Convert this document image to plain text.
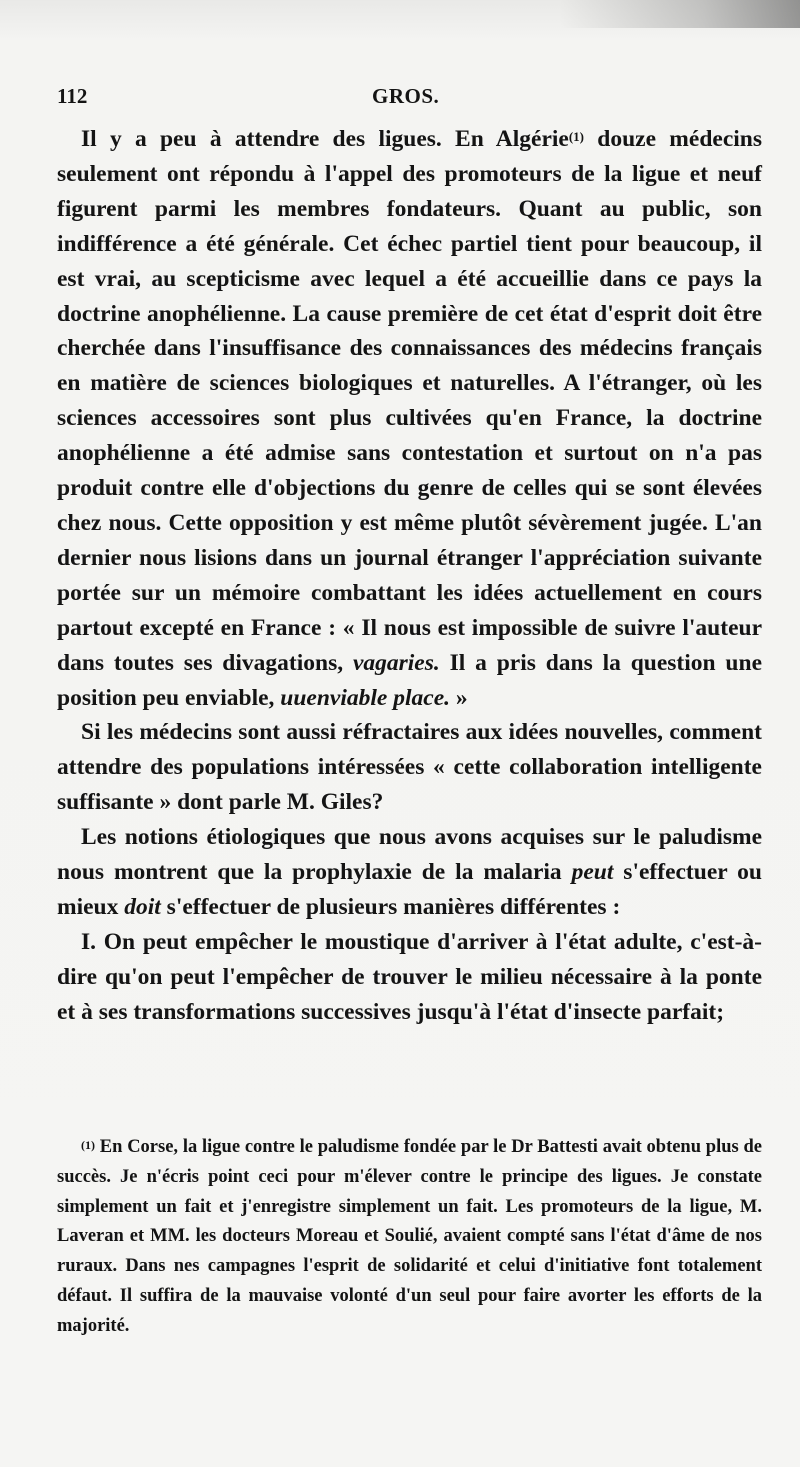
112	GROS.

Il y a peu à attendre des ligues. En Algérie$^{(1)}$ douze médecins seulement ont répondu à l'appel des promoteurs de la ligue et neuf figurent parmi les membres fondateurs. Quant au public, son indifférence a été générale. Cet échec partiel tient pour beaucoup, il est vrai, au scepticisme avec lequel a été accueillie dans ce pays la doctrine anophélienne. La cause première de cet état d'esprit doit être cherchée dans l'insuffisance des connaissances des médecins français en matière de sciences biologiques et naturelles. A l'étranger, où les sciences accessoires sont plus cultivées qu'en France, la doctrine anophélienne a été admise sans contestation et surtout on n'a pas produit contre elle d'objections du genre de celles qui se sont élevées chez nous. Cette opposition y est même plutôt sévèrement jugée. L'an dernier nous lisions dans un journal étranger l'appréciation suivante portée sur un mémoire combattant les idées actuellement en cours partout excepté en France : « Il nous est impossible de suivre l'auteur dans toutes ses divagations, vagaries. Il a pris dans la question une position peu enviable, uuenviable place. »

Si les médecins sont aussi réfractaires aux idées nouvelles, comment attendre des populations intéressées « cette collaboration intelligente suffisante » dont parle M. Giles?

Les notions étiologiques que nous avons acquises sur le paludisme nous montrent que la prophylaxie de la malaria peut s'effectuer ou mieux doit s'effectuer de plusieurs manières différentes :

I. On peut empêcher le moustique d'arriver à l'état adulte, c'est-à-dire qu'on peut l'empêcher de trouver le milieu nécessaire à la ponte et à ses transformations successives jusqu'à l'état d'insecte parfait;

$^{(1)}$ En Corse, la ligue contre le paludisme fondée par le Dr Battesti avait obtenu plus de succès. Je n'écris point ceci pour m'élever contre le principe des ligues. Je constate simplement un fait et j'enregistre simplement un fait. Les promoteurs de la ligue, M. Laveran et MM. les docteurs Moreau et Soulié, avaient compté sans l'état d'âme de nos ruraux. Dans nes campagnes l'esprit de solidarité et celui d'initiative font totalement défaut. Il suffira de la mauvaise volonté d'un seul pour faire avorter les efforts de la majorité.
